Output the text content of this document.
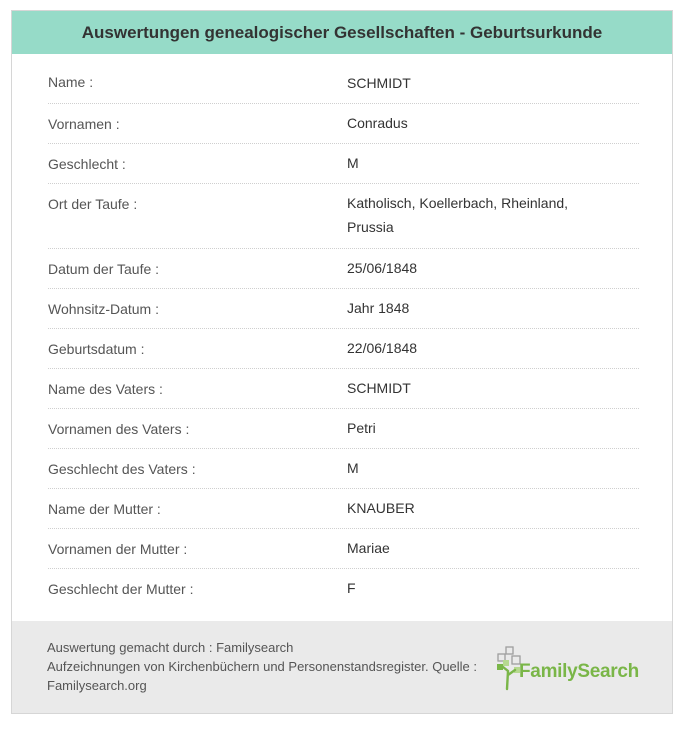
Auswertungen genealogischer Gesellschaften - Geburtsurkunde
Name :	SCHMIDT
Vornamen :	Conradus
Geschlecht :	M
Ort der Taufe :	Katholisch, Koellerbach, Rheinland, Prussia
Datum der Taufe :	25/06/1848
Wohnsitz-Datum :	Jahr 1848
Geburtsdatum :	22/06/1848
Name des Vaters :	SCHMIDT
Vornamen des Vaters :	Petri
Geschlecht des Vaters :	M
Name der Mutter :	KNAUBER
Vornamen der Mutter :	Mariae
Geschlecht der Mutter :	F
Auswertung gemacht durch : Familysearch
Aufzeichnungen von Kirchenbüchern und Personenstandsregister. Quelle :
Familysearch.org
FamilySearch
